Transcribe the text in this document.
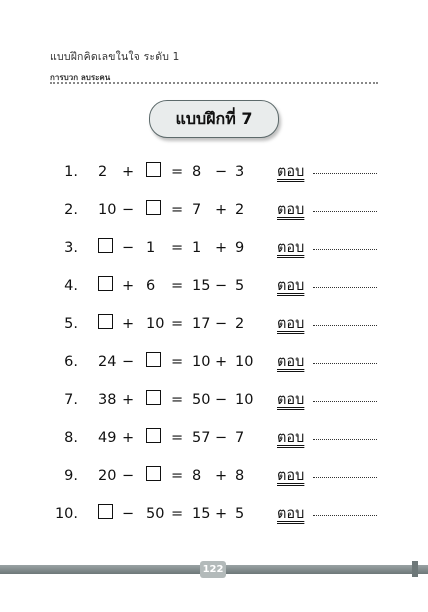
แบบฝึกคิดเลขในใจ ระดับ 1
การบวก ลบระคน
แบบฝึกที่ 7
1. 2 +	= 8 − 3 ตอบ
2. 10 −	= 7 + 2 ตอบ
3.	− 1 = 1 + 9 ตอบ
4.	+ 6 = 15 − 5 ตอบ
5.	+ 10 = 17 − 2 ตอบ
6. 24 −	= 10 + 10 ตอบ
7. 38 +	= 50 − 10 ตอบ
8. 49 +	= 57 − 7 ตอบ
9. 20 −	= 8 + 8 ตอบ
10.	− 50 = 15 + 5 ตอบ
122
